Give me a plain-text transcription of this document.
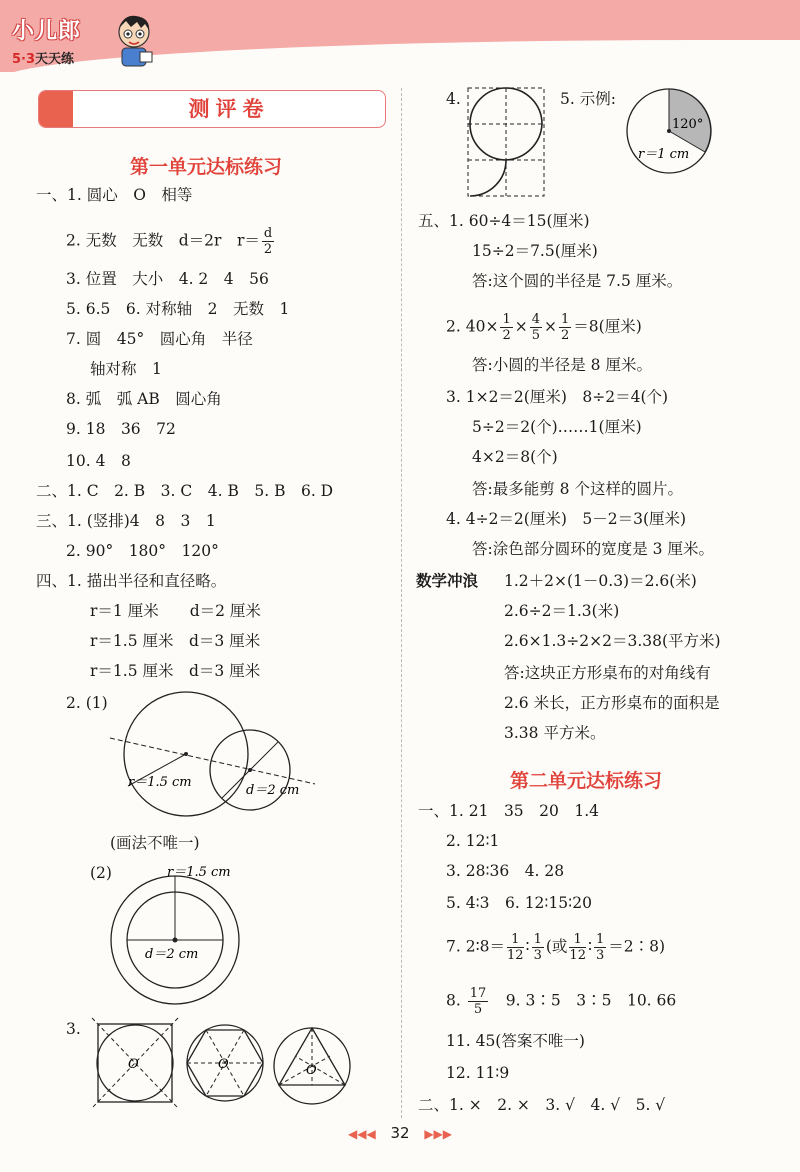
小儿郎
5·3天天练
测评卷
第一单元达标练习
一、1. 圆心　O　相等
2. 无数　无数　d＝2r　 $r= \frac{d}{2}$
3. 位置　大小　4. 2　4　56
5. 6.5　6. 对称轴　2　无数　1
7. 圆　45°　圆心角　半径
轴对称　1
8. 弧　弧 AB　圆心角
9. 18　36　72
10. 4　8
二、1. C　2. B　3. C　4. B　5. B　6. D
三、1. (竖排)4　8　3　1
2. 90°　180°　120°
四、1. 描出半径和直径略。
r＝1 厘米　　d＝2 厘米
r＝1.5 厘米　d＝3 厘米
r＝1.5 厘米　d＝3 厘米
2. (1)
r＝1.5 cm
d＝2 cm
(画法不唯一)
(2)	r＝1.5 cm
d＝2 cm
3.
O	O	O
4.	5. 示例:
120°
r＝1 cm
五、1. 60÷4＝15(厘米)
15÷2＝7.5(厘米)
答:这个圆的半径是 7.5 厘米。
2. $40\times \frac{1}{2} \times \frac{4}{5} \times \frac{1}{2} =8$(厘米)
答:小圆的半径是 8 厘米。
3. 1×2＝2(厘米)　8÷2＝4(个)
5÷2＝2(个)……1(厘米)
4×2＝8(个)
答:最多能剪 8 个这样的圆片。
4. 4÷2＝2(厘米)　5－2＝3(厘米)
答:涂色部分圆环的宽度是 3 厘米。
数学冲浪 1.2＋2×(1－0.3)＝2.6(米)
2.6÷2＝1.3(米)
2.6×1.3÷2×2＝3.38(平方米)
答:这块正方形桌布的对角线有
2.6 米长，正方形桌布的面积是
3.38 平方米。
第二单元达标练习
一、1. 21　35　20　1.4
2. 12∶1
3. 28∶36　4. 28
5. 4∶3　6. 12∶15∶20
7. 2∶8＝ $\frac{1}{12}$ ∶ $\frac{1}{3}$ (或 $\frac{1}{12}$ ∶ $\frac{1}{3}$ ＝2∶8)
8. $\frac{17}{5}$
　 9. 3∶5　3∶5　10. 66
11. 45(答案不唯一)
12. 11∶9
二、1. ×　2. ×　3. √　4. √　5. √
◀◀◀ 32 ▶▶▶
